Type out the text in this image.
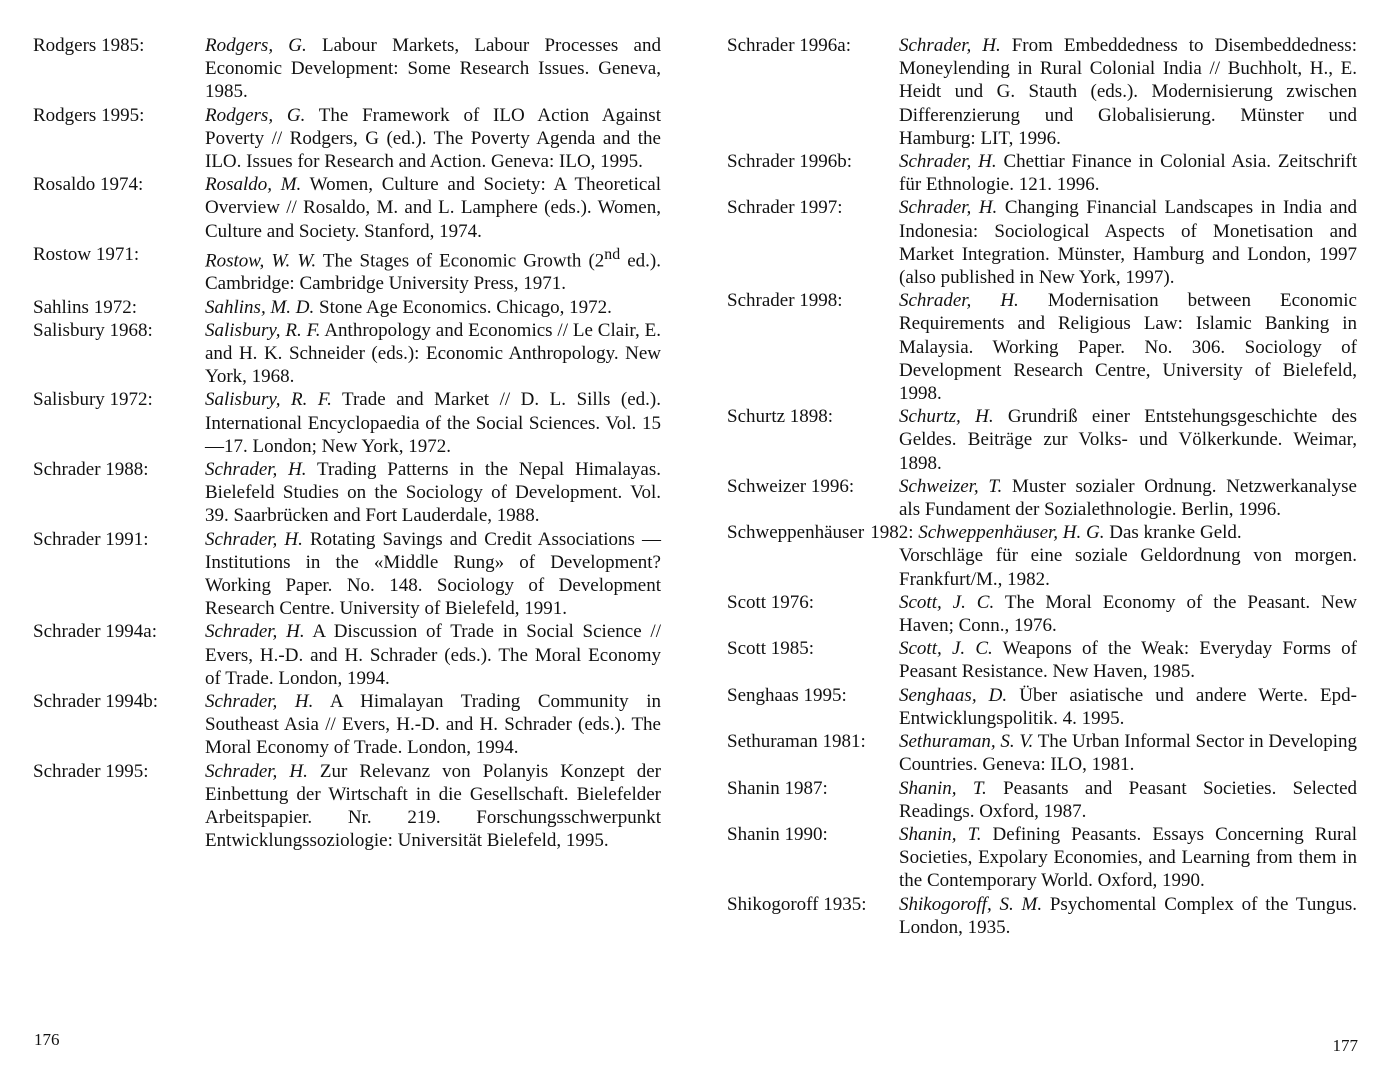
Rodgers 1985:	Rodgers, G. Labour Markets, Labour Processes and Economic Development: Some Research Issues. Geneva, 1985.
Rodgers 1995:	Rodgers, G. The Framework of ILO Action Against Poverty // Rodgers, G (ed.). The Poverty Agenda and the ILO. Issues for Research and Action. Geneva: ILO, 1995.
Rosaldo 1974:	Rosaldo, M. Women, Culture and Society: A Theoretical Overview // Rosaldo, M. and L. Lamphere (eds.). Women, Culture and Society. Stanford, 1974.
Rostow 1971:	Rostow, W. W. The Stages of Economic Growth (2nd ed.). Cambridge: Cambridge University Press, 1971.
Sahlins 1972:	Sahlins, M. D. Stone Age Economics. Chicago, 1972.
Salisbury 1968:	Salisbury, R. F. Anthropology and Economics // Le Clair, E. and H. K. Schneider (eds.): Economic Anthropology. New York, 1968.
Salisbury 1972:	Salisbury, R. F. Trade and Market // D. L. Sills (ed.). International Encyclopaedia of the Social Sciences. Vol. 15—17. London; New York, 1972.
Schrader 1988:	Schrader, H. Trading Patterns in the Nepal Himalayas. Bielefeld Studies on the Sociology of Development. Vol. 39. Saarbrücken and Fort Lauderdale, 1988.
Schrader 1991:	Schrader, H. Rotating Savings and Credit Associations — Institutions in the «Middle Rung» of Development? Working Paper. No. 148. Sociology of Development Research Centre. University of Bielefeld, 1991.
Schrader 1994a:	Schrader, H. A Discussion of Trade in Social Science // Evers, H.-D. and H. Schrader (eds.). The Moral Economy of Trade. London, 1994.
Schrader 1994b:	Schrader, H. A Himalayan Trading Community in Southeast Asia // Evers, H.-D. and H. Schrader (eds.). The Moral Economy of Trade. London, 1994.
Schrader 1995:	Schrader, H. Zur Relevanz von Polanyis Konzept der Einbettung der Wirtschaft in die Gesellschaft. Bielefelder Arbeitspapier. Nr. 219. Forschungsschwerpunkt Entwicklungssoziologie: Universität Bielefeld, 1995.
176
Schrader 1996a:	Schrader, H. From Embeddedness to Disembeddedness: Moneylending in Rural Colonial India // Buchholt, H., E. Heidt und G. Stauth (eds.). Modernisierung zwischen Differenzierung und Globalisierung. Münster und Hamburg: LIT, 1996.
Schrader 1996b:	Schrader, H. Chettiar Finance in Colonial Asia. Zeitschrift für Ethnologie. 121. 1996.
Schrader 1997:	Schrader, H. Changing Financial Landscapes in India and Indonesia: Sociological Aspects of Monetisation and Market Integration. Münster, Hamburg and London, 1997 (also published in New York, 1997).
Schrader 1998:	Schrader, H. Modernisation between Economic Requirements and Religious Law: Islamic Banking in Malaysia. Working Paper. No. 306. Sociology of Development Research Centre, University of Bielefeld, 1998.
Schurtz 1898:	Schurtz, H. Grundriß einer Entstehungsgeschichte des Geldes. Beiträge zur Volks- und Völkerkunde. Weimar, 1898.
Schweizer 1996:	Schweizer, T. Muster sozialer Ordnung. Netzwerkanalyse als Fundament der Sozialethnologie. Berlin, 1996.
Schweppenhäuser 1982: Schweppenhäuser, H. G. Das kranke Geld.
Vorschläge für eine soziale Geldordnung von morgen. Frankfurt/M., 1982.
Scott 1976:	Scott, J. C. The Moral Economy of the Peasant. New Haven; Conn., 1976.
Scott 1985:	Scott, J. C. Weapons of the Weak: Everyday Forms of Peasant Resistance. New Haven, 1985.
Senghaas 1995:	Senghaas, D. Über asiatische und andere Werte. Epd- Entwicklungspolitik. 4. 1995.
Sethuraman 1981:	Sethuraman, S. V. The Urban Informal Sector in Developing Countries. Geneva: ILO, 1981.
Shanin 1987:	Shanin, T. Peasants and Peasant Societies. Selected Readings. Oxford, 1987.
Shanin 1990:	Shanin, T. Defining Peasants. Essays Concerning Rural Societies, Expolary Economies, and Learning from them in the Contemporary World. Oxford, 1990.
Shikogoroff 1935:	Shikogoroff, S. M. Psychomental Complex of the Tungus. London, 1935.
177
